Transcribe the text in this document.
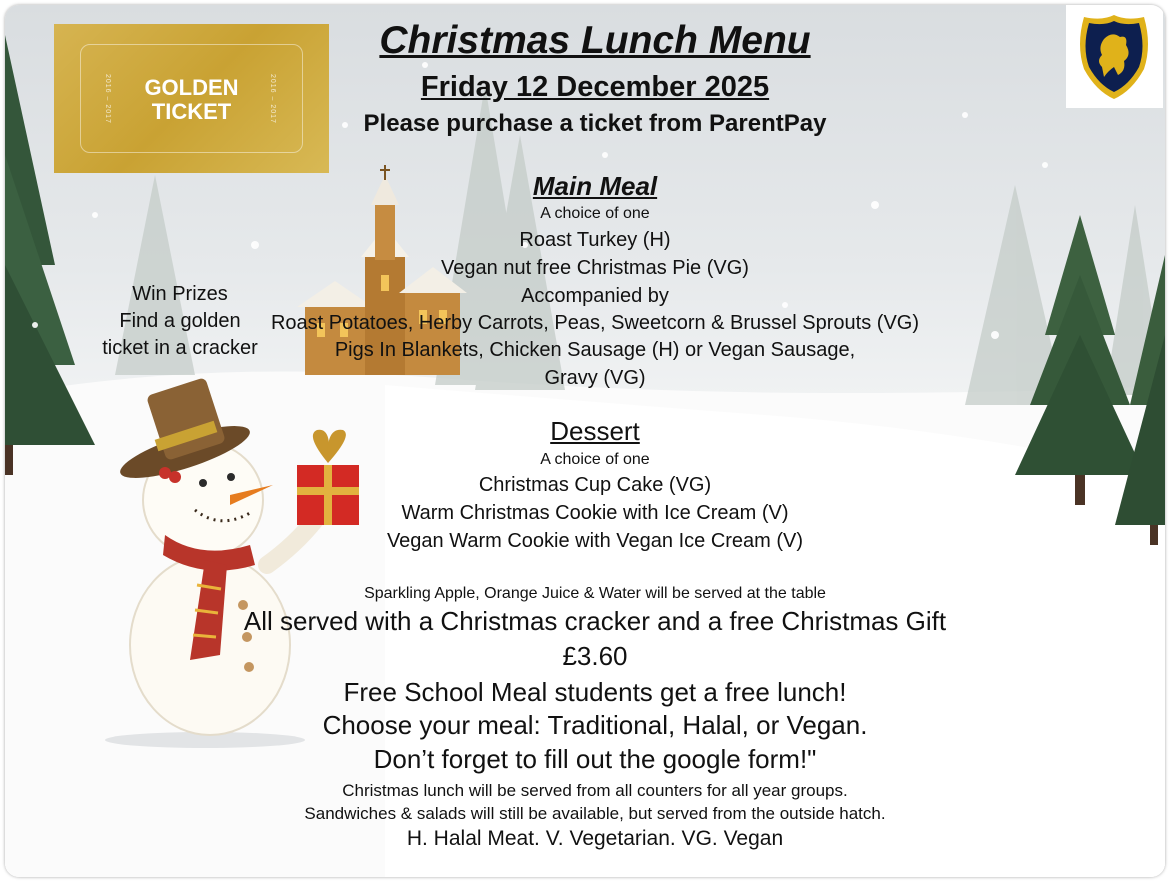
2016 – 2017	2016 – 2017
GOLDEN
TICKET

Christmas Lunch Menu

Friday 12 December 2025

Please purchase a ticket from ParentPay

Main Meal

A choice of one

Roast Turkey (H)

Vegan nut free Christmas Pie (VG)

Accompanied by

Roast Potatoes, Herby Carrots, Peas, Sweetcorn & Brussel Sprouts (VG)

Pigs In Blankets, Chicken Sausage (H) or Vegan Sausage,

Gravy (VG)

Win Prizes
Find a golden
ticket in a cracker

Dessert

A choice of one

Christmas Cup Cake (VG)

Warm Christmas Cookie with Ice Cream (V)

Vegan Warm Cookie with Vegan Ice Cream (V)

Sparkling Apple, Orange Juice & Water will be served at the table

All served with a Christmas cracker and a free Christmas Gift

£3.60

Free School Meal students get a free lunch!

Choose your meal: Traditional, Halal, or Vegan.

Don’t forget to fill out the google form!"

Christmas lunch will be served from all counters for all year groups.

Sandwiches & salads will still be available, but served from the outside hatch.

H. Halal Meat. V. Vegetarian. VG. Vegan
